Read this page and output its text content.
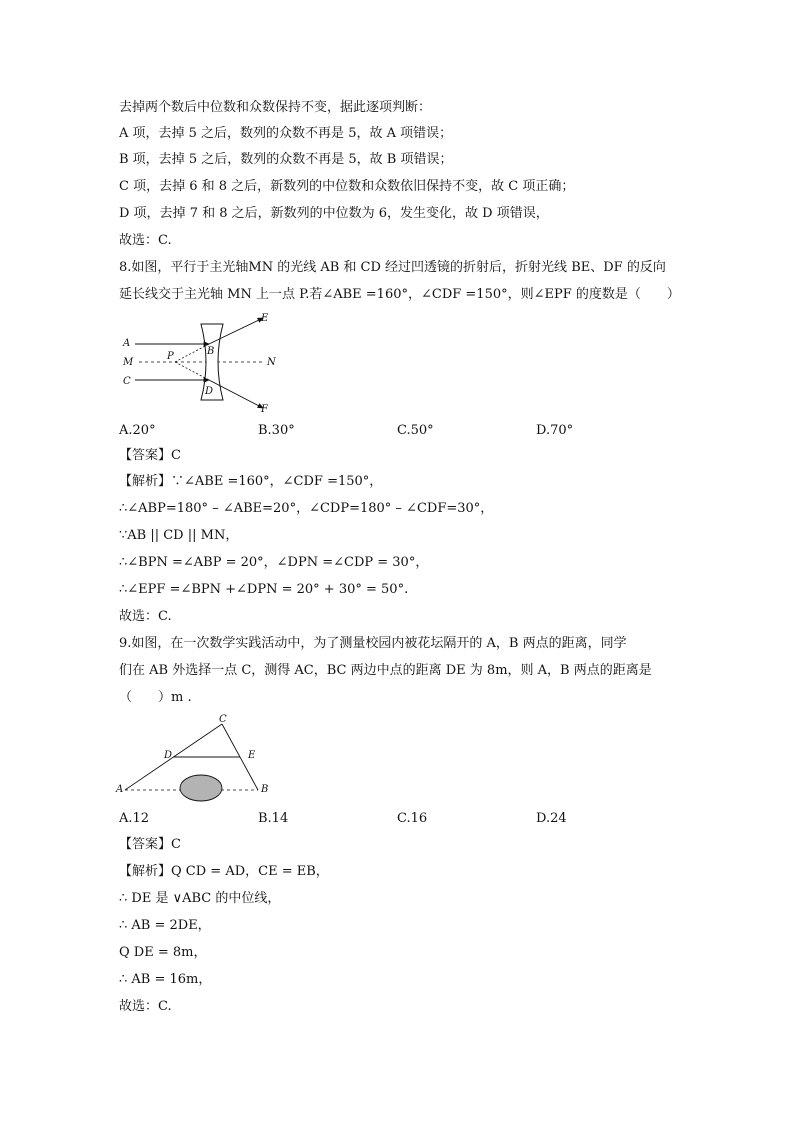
去掉两个数后中位数和众数保持不变，据此逐项判断：
A 项，去掉 5 之后，数列的众数不再是 5，故 A 项错误；
B 项，去掉 5 之后，数列的众数不再是 5，故 B 项错误；
C 项，去掉 6 和 8 之后，新数列的中位数和众数依旧保持不变，故 C 项正确；
D 项，去掉 7 和 8 之后，新数列的中位数为 6，发生变化，故 D 项错误，
故选：C.
8.如图，平行于主光轴MN 的光线 AB 和 CD 经过凹透镜的折射后，折射光线 BE、DF 的反向
延长线交于主光轴 MN 上一点 P.若∠ABE =160°，∠CDF =150°，则∠EPF 的度数是（　　）
A
M
C
P	B
D
N
E
F
A.20°	B.30°	C.50°	D.70°
【答案】C
【解析】∵∠ABE =160°，∠CDF =150°，
∴∠ABP=180° – ∠ABE=20°，∠CDP=180° – ∠CDF=30°，
∵AB || CD || MN，
∴∠BPN =∠ABP = 20°，∠DPN =∠CDP = 30°，
∴∠EPF =∠BPN +∠DPN = 20° + 30° = 50°.
故选：C.
9.如图，在一次数学实践活动中，为了测量校园内被花坛隔开的 A，B 两点的距离，同学
们在 AB 外选择一点 C，测得 AC，BC 两边中点的距离 DE 为 8m，则 A，B 两点的距离是
（　　）m .
A
C
D	E
B
A.12	B.14	C.16	D.24
【答案】C
【解析】Q CD = AD，CE = EB，
∴ DE 是 ∨ABC 的中位线，
∴ AB = 2DE，
Q DE = 8m，
∴ AB = 16m，
故选：C.
